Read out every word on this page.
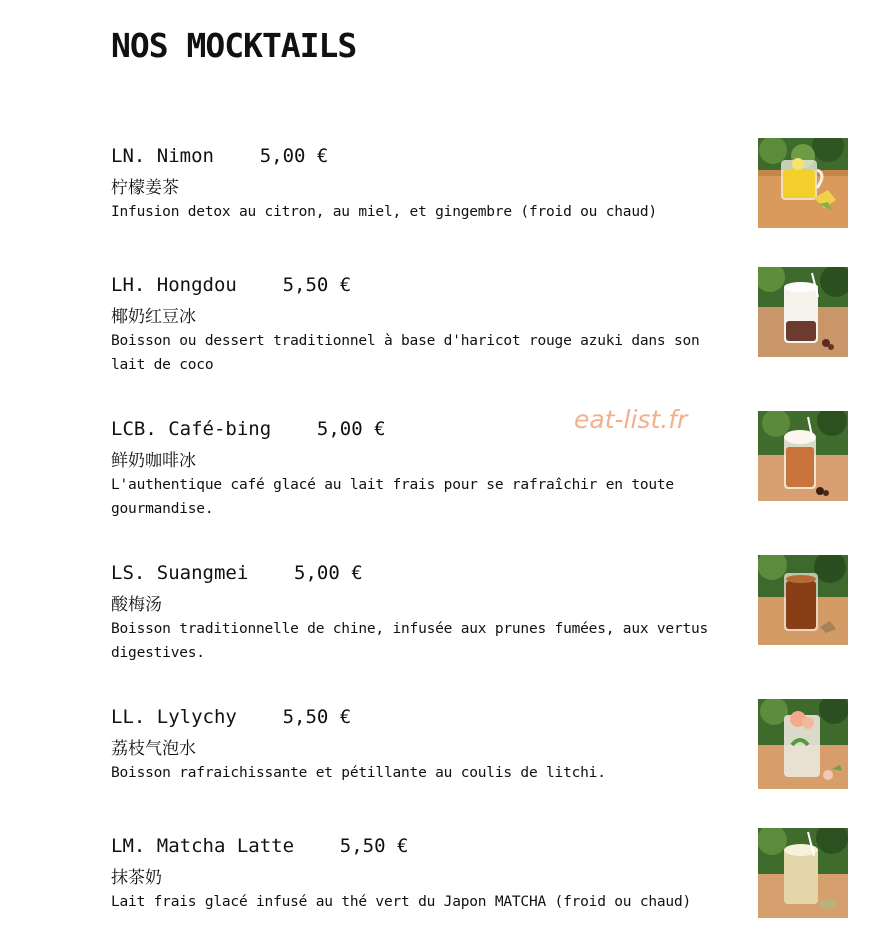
NOS MOCKTAILS
eat-list.fr
LN. Nimon 5,00 €
柠檬姜茶
Infusion detox au citron, au miel, et gingembre (froid ou chaud)
LH. Hongdou 5,50 €
椰奶红豆冰
Boisson ou dessert traditionnel à base d'haricot rouge azuki dans son lait de coco
LCB. Café-bing 5,00 €
鲜奶咖啡冰
L'authentique café glacé au lait frais pour se rafraîchir en toute gourmandise.
LS. Suangmei 5,00 €
酸梅汤
Boisson traditionnelle de chine, infusée aux prunes fumées, aux vertus digestives.
LL. Lylychy 5,50 €
荔枝气泡水
Boisson rafraichissante et pétillante au coulis de litchi.
LM. Matcha Latte 5,50 €
抹茶奶
Lait frais glacé infusé au thé vert du Japon MATCHA (froid ou chaud)
